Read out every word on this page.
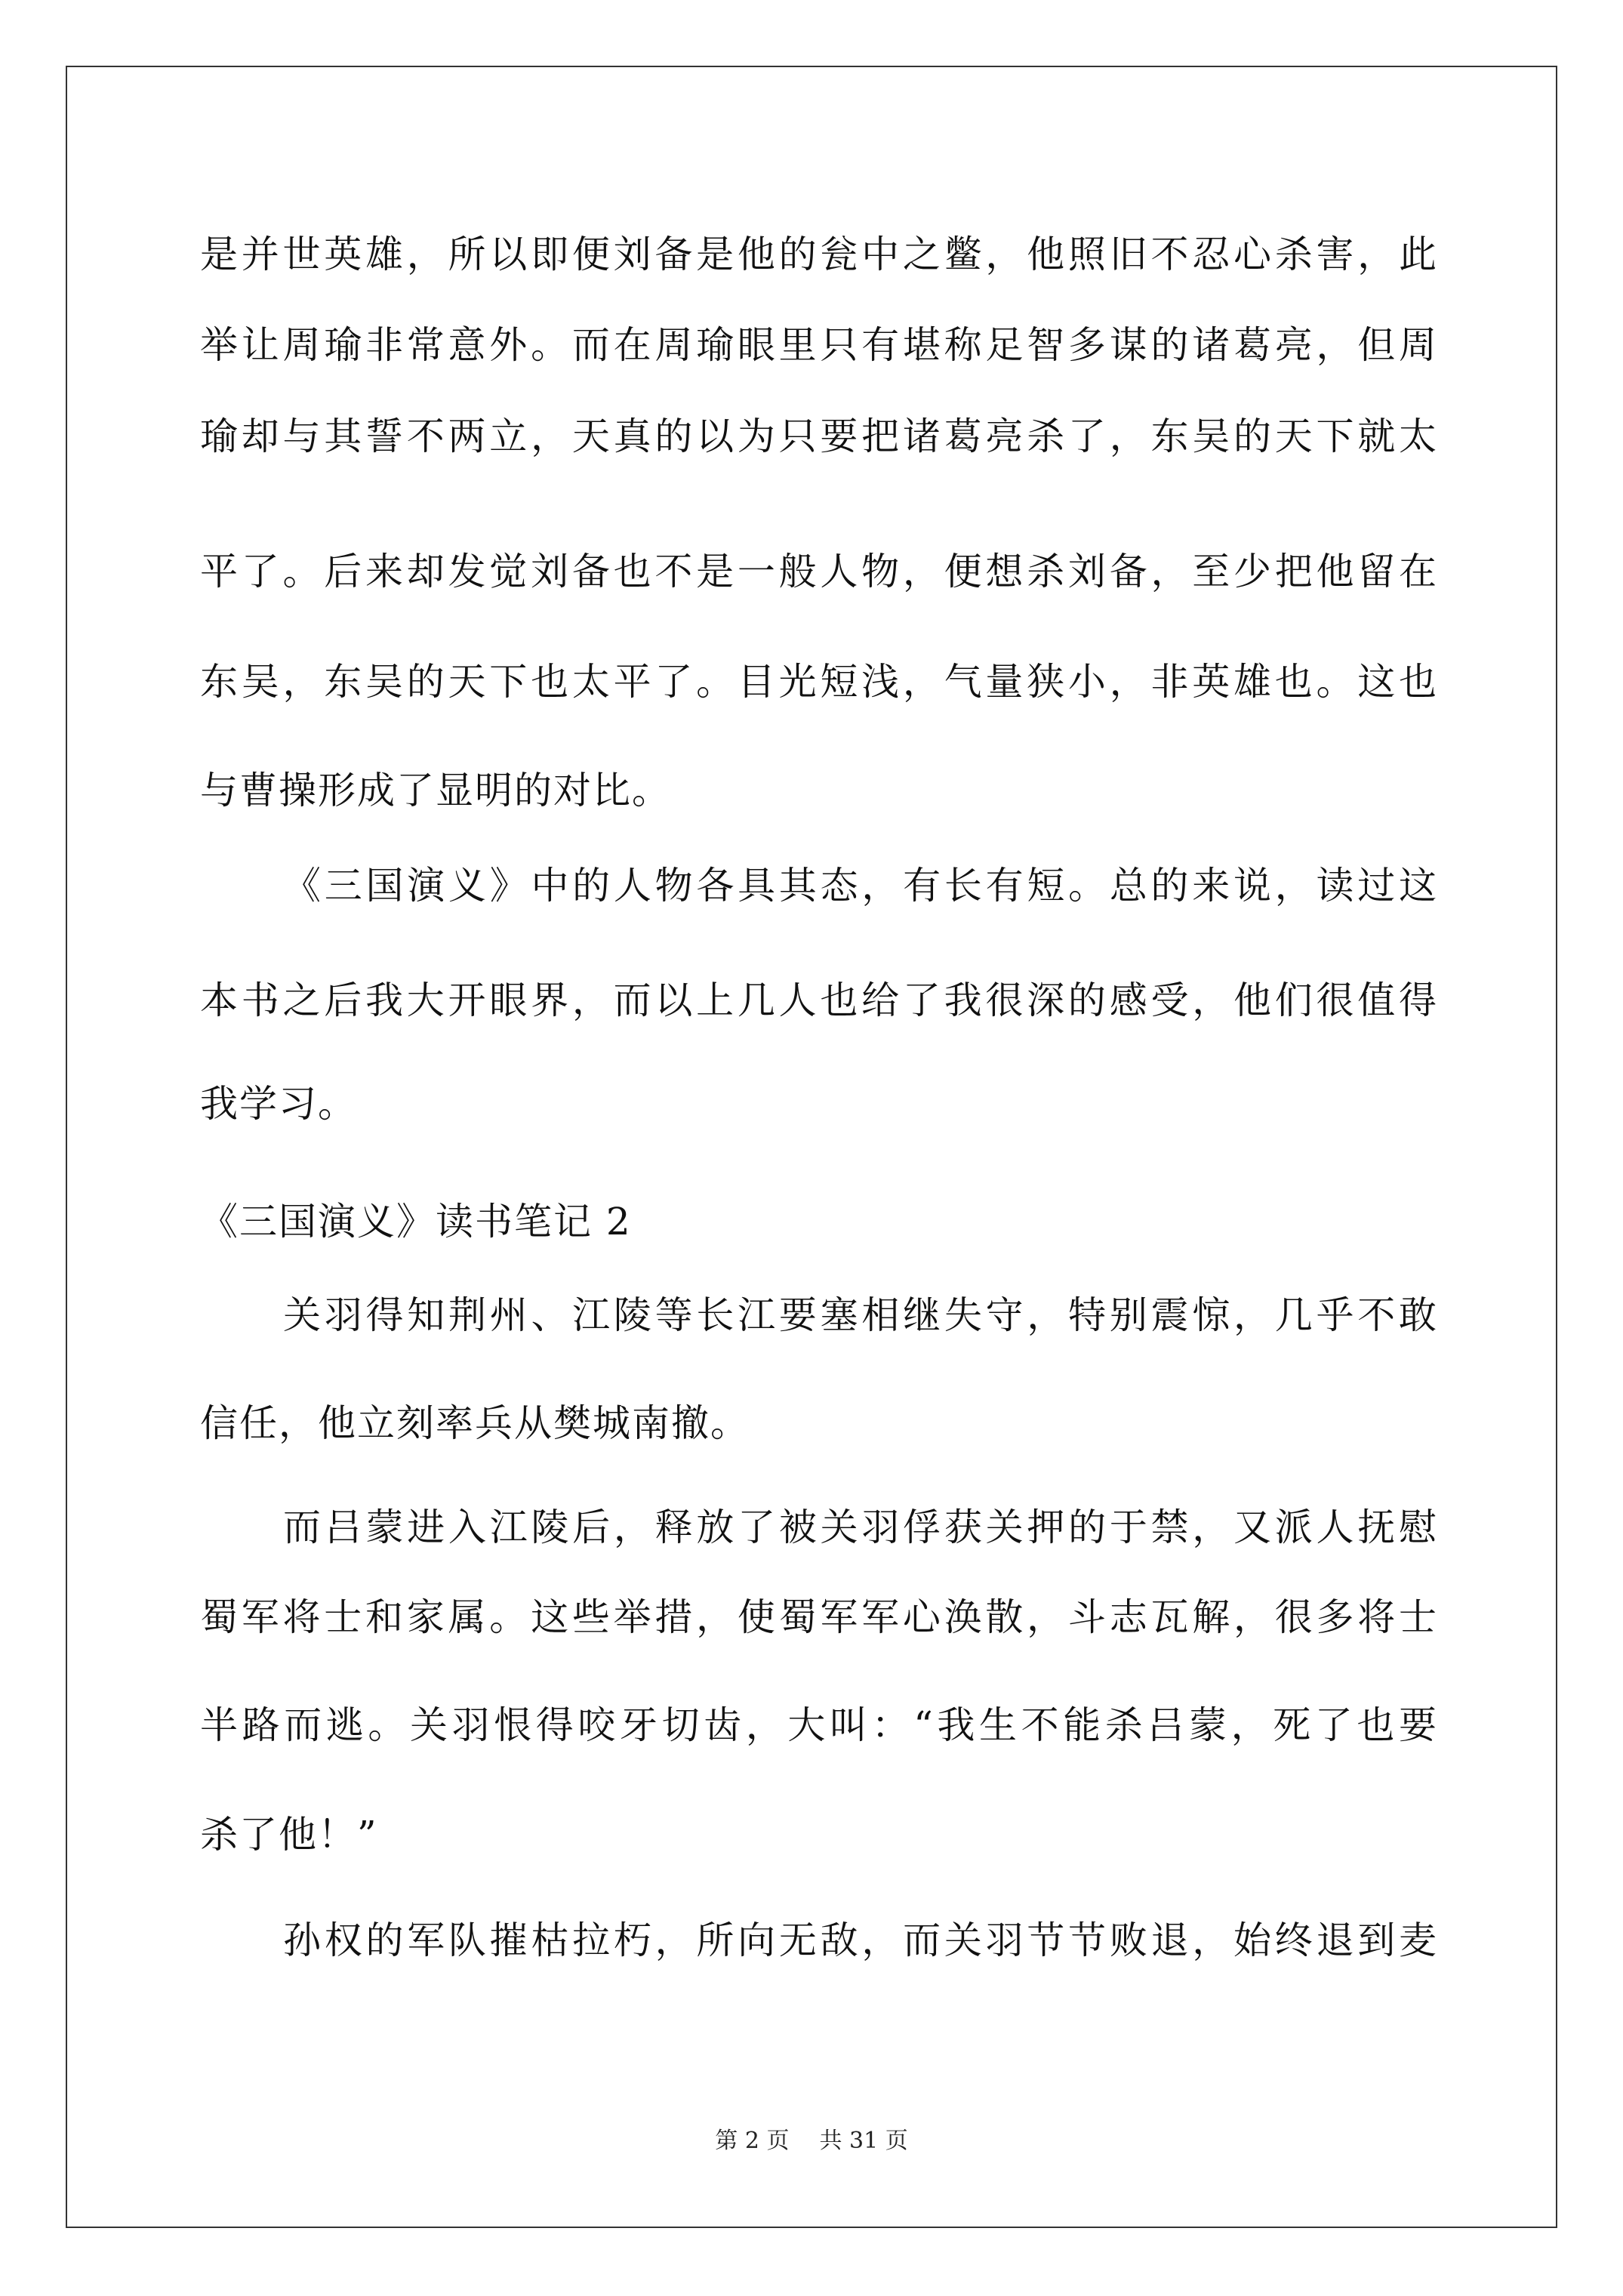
是并世英雄，所以即便刘备是他的瓮中之鳖，他照旧不忍心杀害，此
举让周瑜非常意外。而在周瑜眼里只有堪称足智多谋的诸葛亮，但周
瑜却与其誓不两立，天真的以为只要把诸葛亮杀了，东吴的天下就太
平了。后来却发觉刘备也不是一般人物，便想杀刘备，至少把他留在
东吴，东吴的天下也太平了。目光短浅，气量狭小，非英雄也。这也
与曹操形成了显明的对比。
《三国演义》中的人物各具其态，有长有短。总的来说，读过这
本书之后我大开眼界，而以上几人也给了我很深的感受，他们很值得
我学习。
《三国演义》读书笔记 2
关羽得知荆州、江陵等长江要塞相继失守，特别震惊，几乎不敢
信任，他立刻率兵从樊城南撤。
而吕蒙进入江陵后，释放了被关羽俘获关押的于禁，又派人抚慰
蜀军将士和家属。这些举措，使蜀军军心涣散，斗志瓦解，很多将士
半路而逃。关羽恨得咬牙切齿，大叫：“我生不能杀吕蒙，死了也要
杀了他！”
孙权的军队摧枯拉朽，所向无敌，而关羽节节败退，始终退到麦
第 2 页 共 31 页
